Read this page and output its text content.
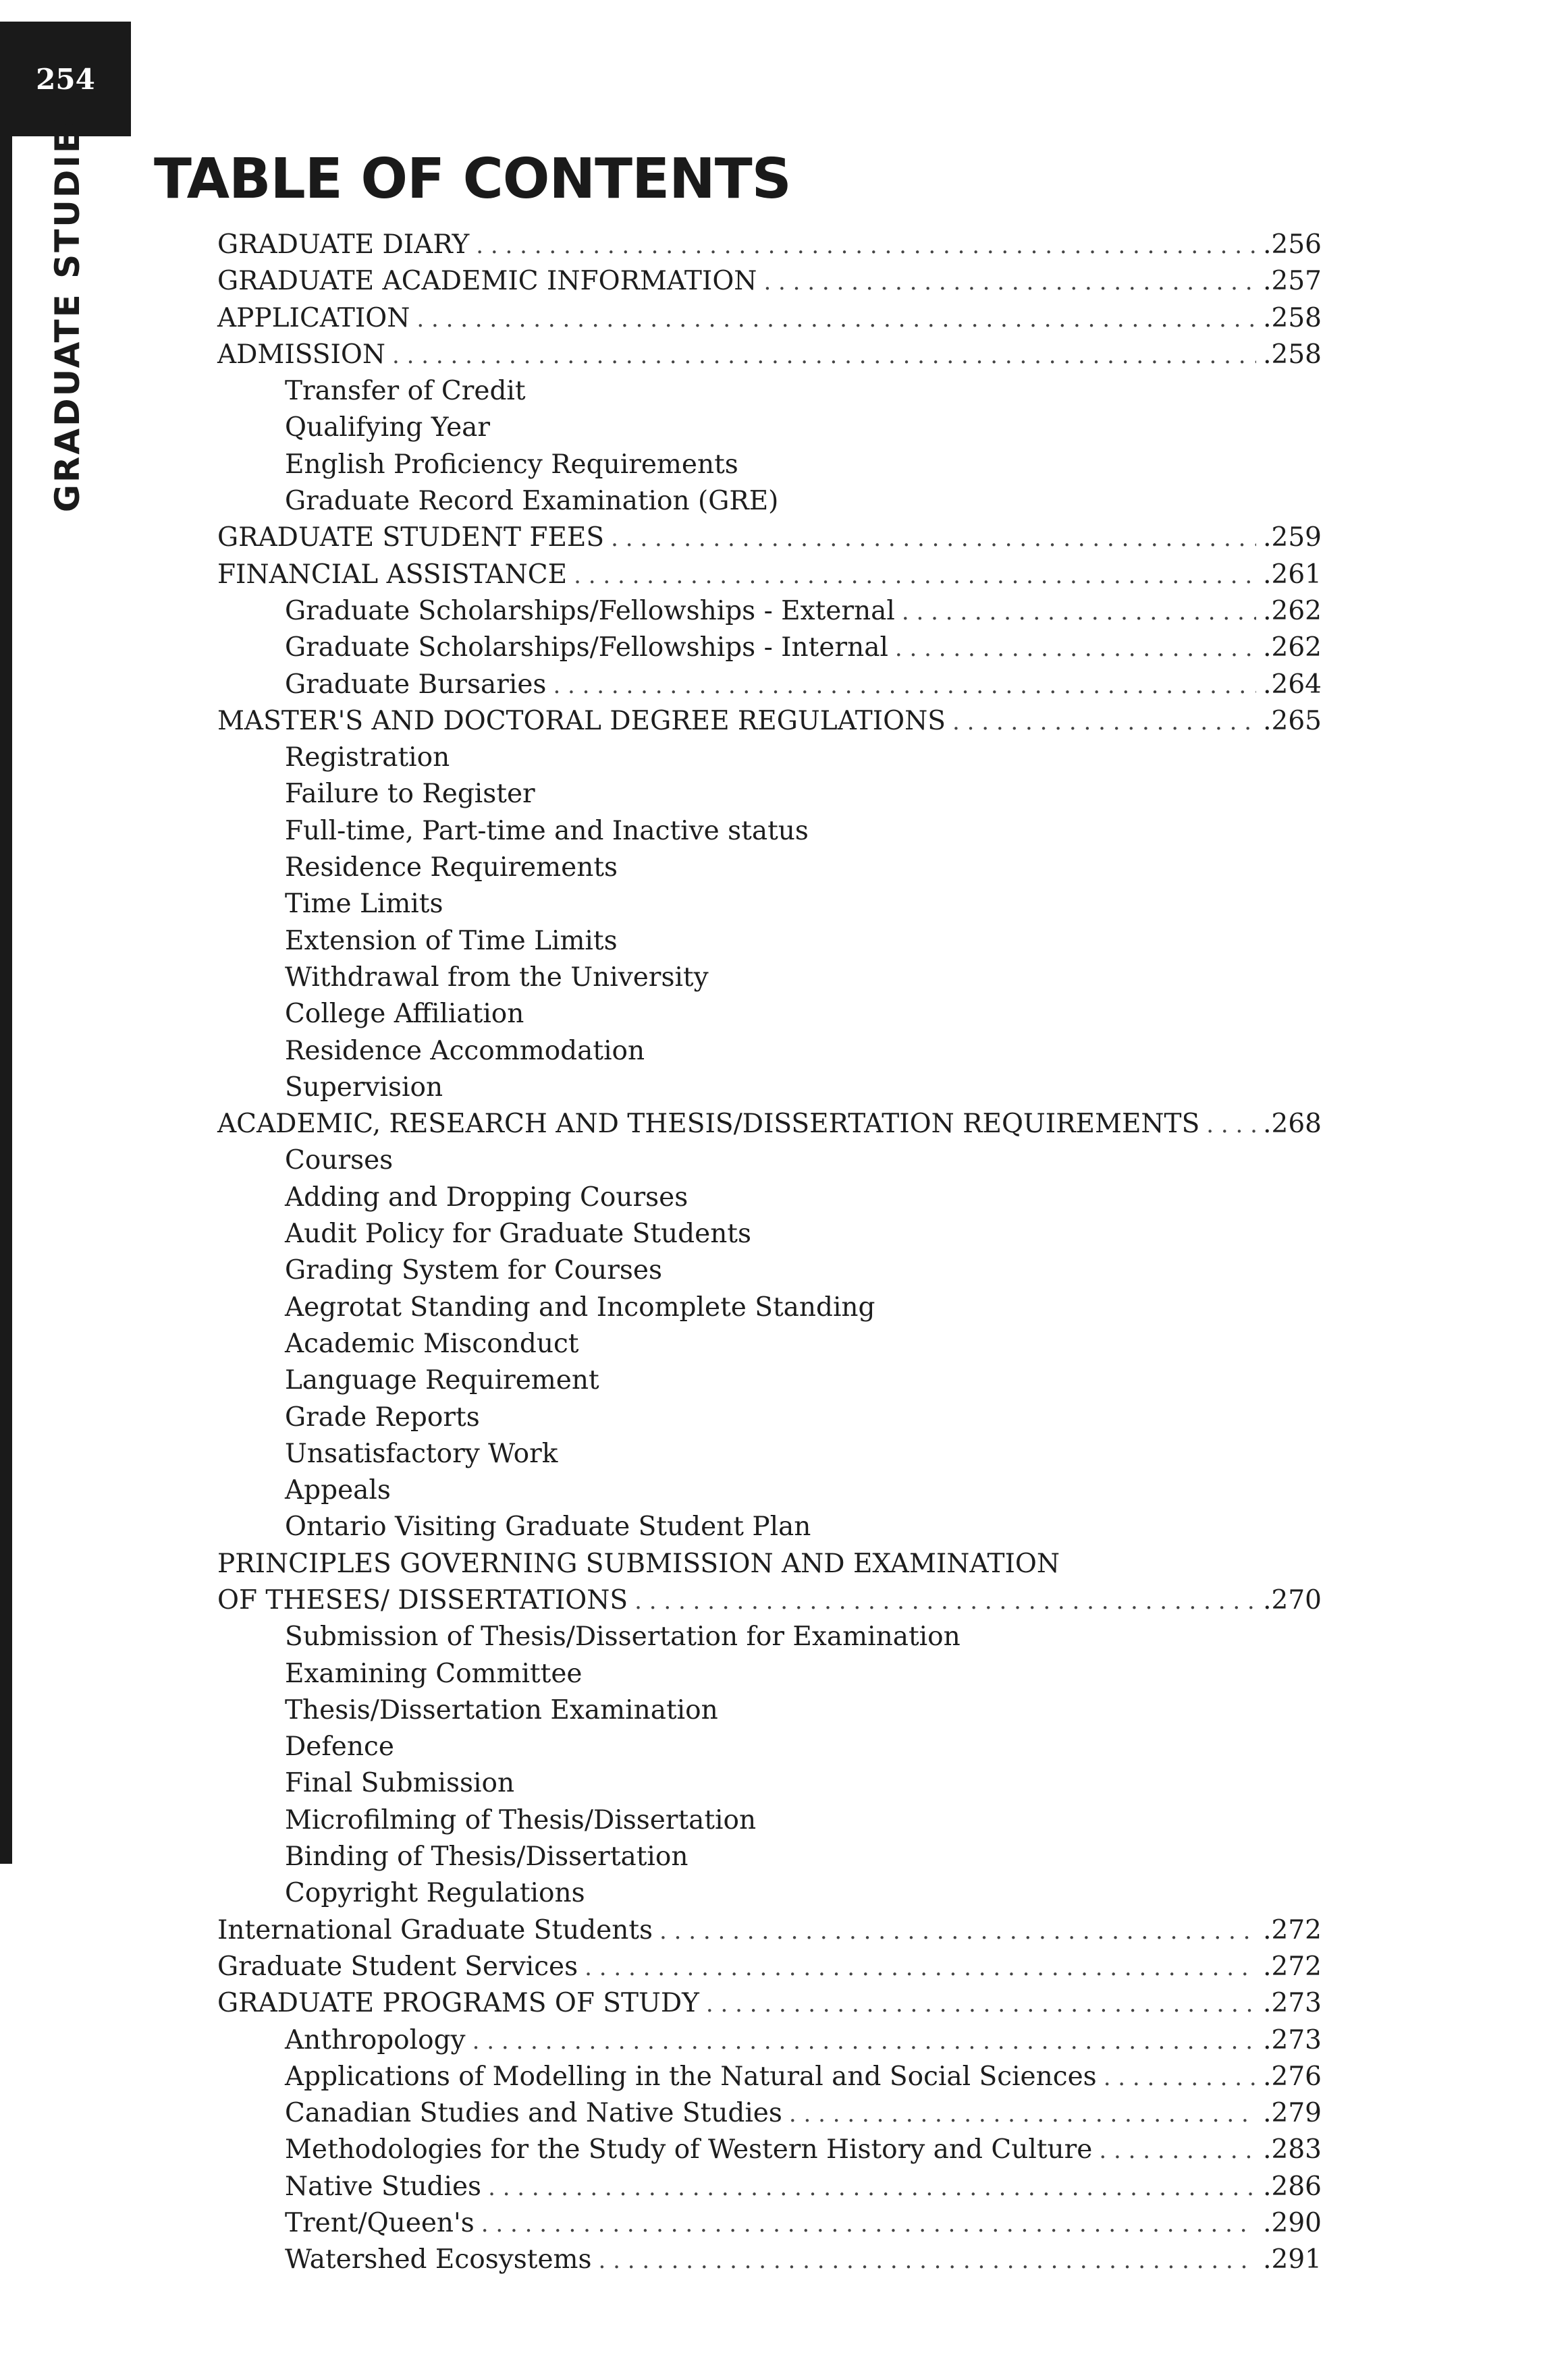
254
GRADUATE STUDIES TABLE OF CONTENTS
GRADUATE DIARY . . .	.256
GRADUATE ACADEMIC INFORMATION . . .	.257
APPLICATION . . .	.258
ADMISSION . . .	.258
Transfer of Credit
Qualifying Year
English Proficiency Requirements
Graduate Record Examination (GRE)
GRADUATE STUDENT FEES . . .	.259
FINANCIAL ASSISTANCE . . .	.261
Graduate Scholarships/Fellowships - External . . .	.262
Graduate Scholarships/Fellowships - Internal . . .	.262
Graduate Bursaries . . .	.264
MASTER'S AND DOCTORAL DEGREE REGULATIONS . . .	.265
Registration
Failure to Register
Full-time, Part-time and Inactive status
Residence Requirements
Time Limits
Extension of Time Limits
Withdrawal from the University
College Affiliation
Residence Accommodation
Supervision
ACADEMIC, RESEARCH AND THESIS/DISSERTATION REQUIREMENTS . . . .268
Courses
Adding and Dropping Courses
Audit Policy for Graduate Students
Grading System for Courses
Aegrotat Standing and Incomplete Standing
Academic Misconduct
Language Requirement
Grade Reports
Unsatisfactory Work
Appeals
Ontario Visiting Graduate Student Plan
PRINCIPLES GOVERNING SUBMISSION AND EXAMINATION
OF THESES/ DISSERTATIONS . . .	.270
Submission of Thesis/Dissertation for Examination
Examining Committee
Thesis/Dissertation Examination
Defence
Final Submission
Microfilming of Thesis/Dissertation
Binding of Thesis/Dissertation
Copyright Regulations
International Graduate Students . . .	.272
Graduate Student Services . . .	.272
GRADUATE PROGRAMS OF STUDY . . .	.273
Anthropology . . .	.273
Applications of Modelling in the Natural and Social Sciences . . .	.276
Canadian Studies and Native Studies . . .	.279
Methodologies for the Study of Western History and Culture . . .	.283
Native Studies . . .	.286
Trent/Queen's . . .	.290
Watershed Ecosystems . . .	.291
